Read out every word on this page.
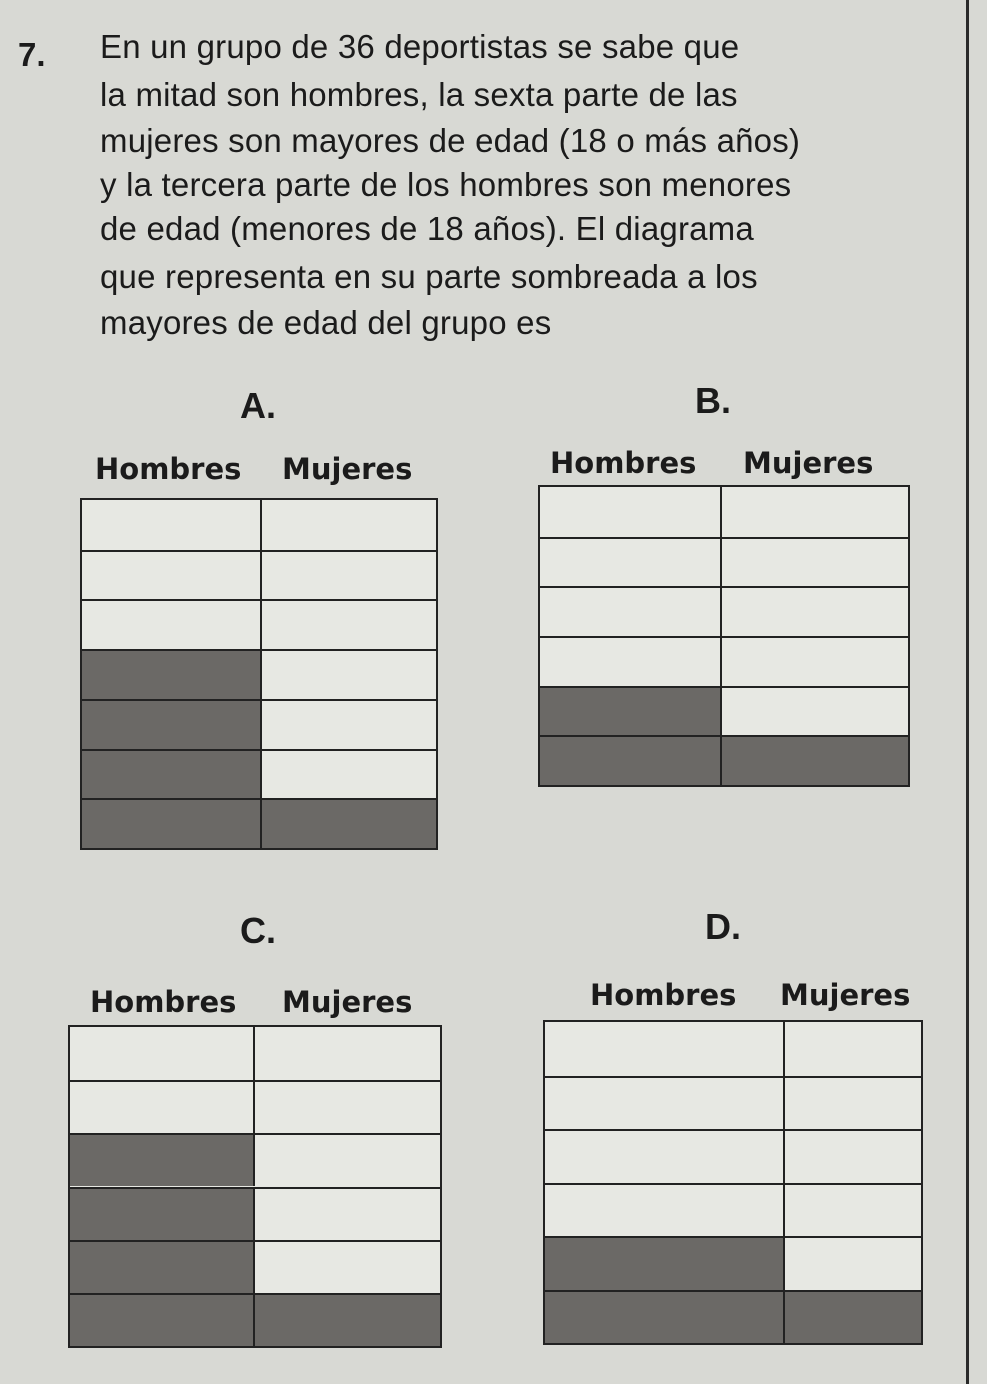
7. En un grupo de 36 deportistas se sabe que
la mitad son hombres, la sexta parte de las
mujeres son mayores de edad (18 o más años)
y la tercera parte de los hombres son menores
de edad (menores de 18 años). El diagrama
que representa en su parte sombreada a los
mayores de edad del grupo es
A.
Hombres Mujeres
B.
Hombres Mujeres
C.
Hombres Mujeres
D.
Hombres Mujeres
